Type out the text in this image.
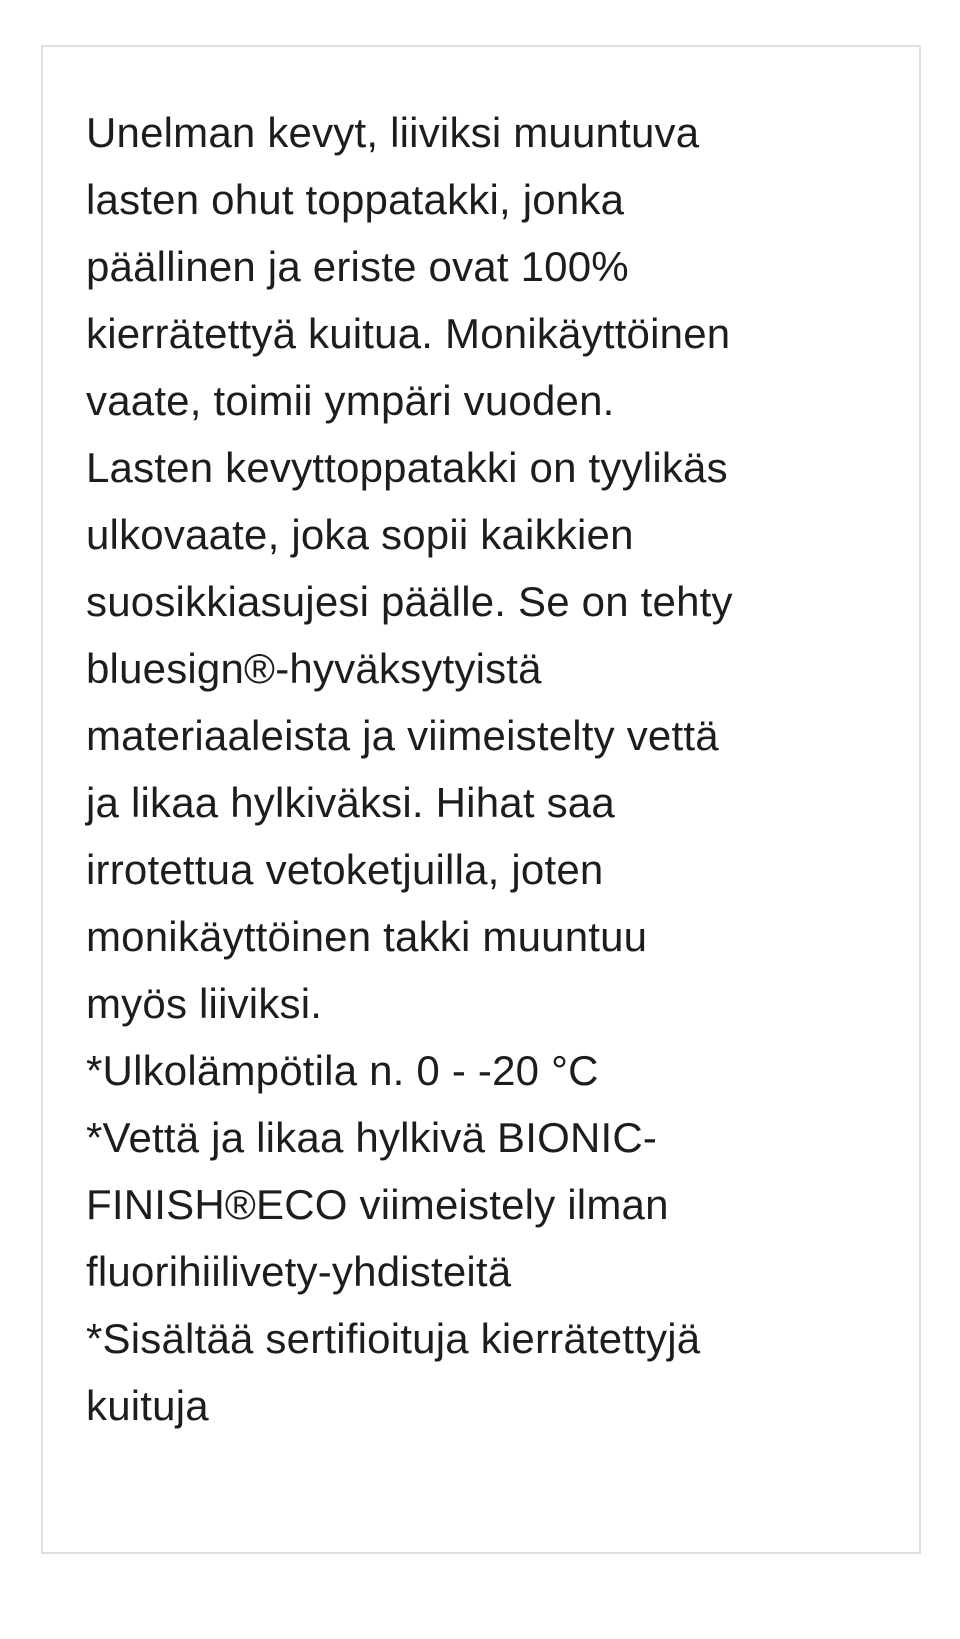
Unelman kevyt, liiviksi muuntuva
lasten ohut toppatakki, jonka
päällinen ja eriste ovat 100%
kierrätettyä kuitua. Monikäyttöinen
vaate, toimii ympäri vuoden.
Lasten kevyttoppatakki on tyylikäs
ulkovaate, joka sopii kaikkien
suosikkiasujesi päälle. Se on tehty
bluesign®-hyväksytyistä
materiaaleista ja viimeistelty vettä
ja likaa hylkiväksi. Hihat saa
irrotettua vetoketjuilla, joten
monikäyttöinen takki muuntuu
myös liiviksi.
*Ulkolämpötila n. 0 - -20 °C
*Vettä ja likaa hylkivä BIONIC-
FINISH®ECO viimeistely ilman
fluorihiilivety-yhdisteitä
*Sisältää sertifioituja kierrätettyjä
kuituja
